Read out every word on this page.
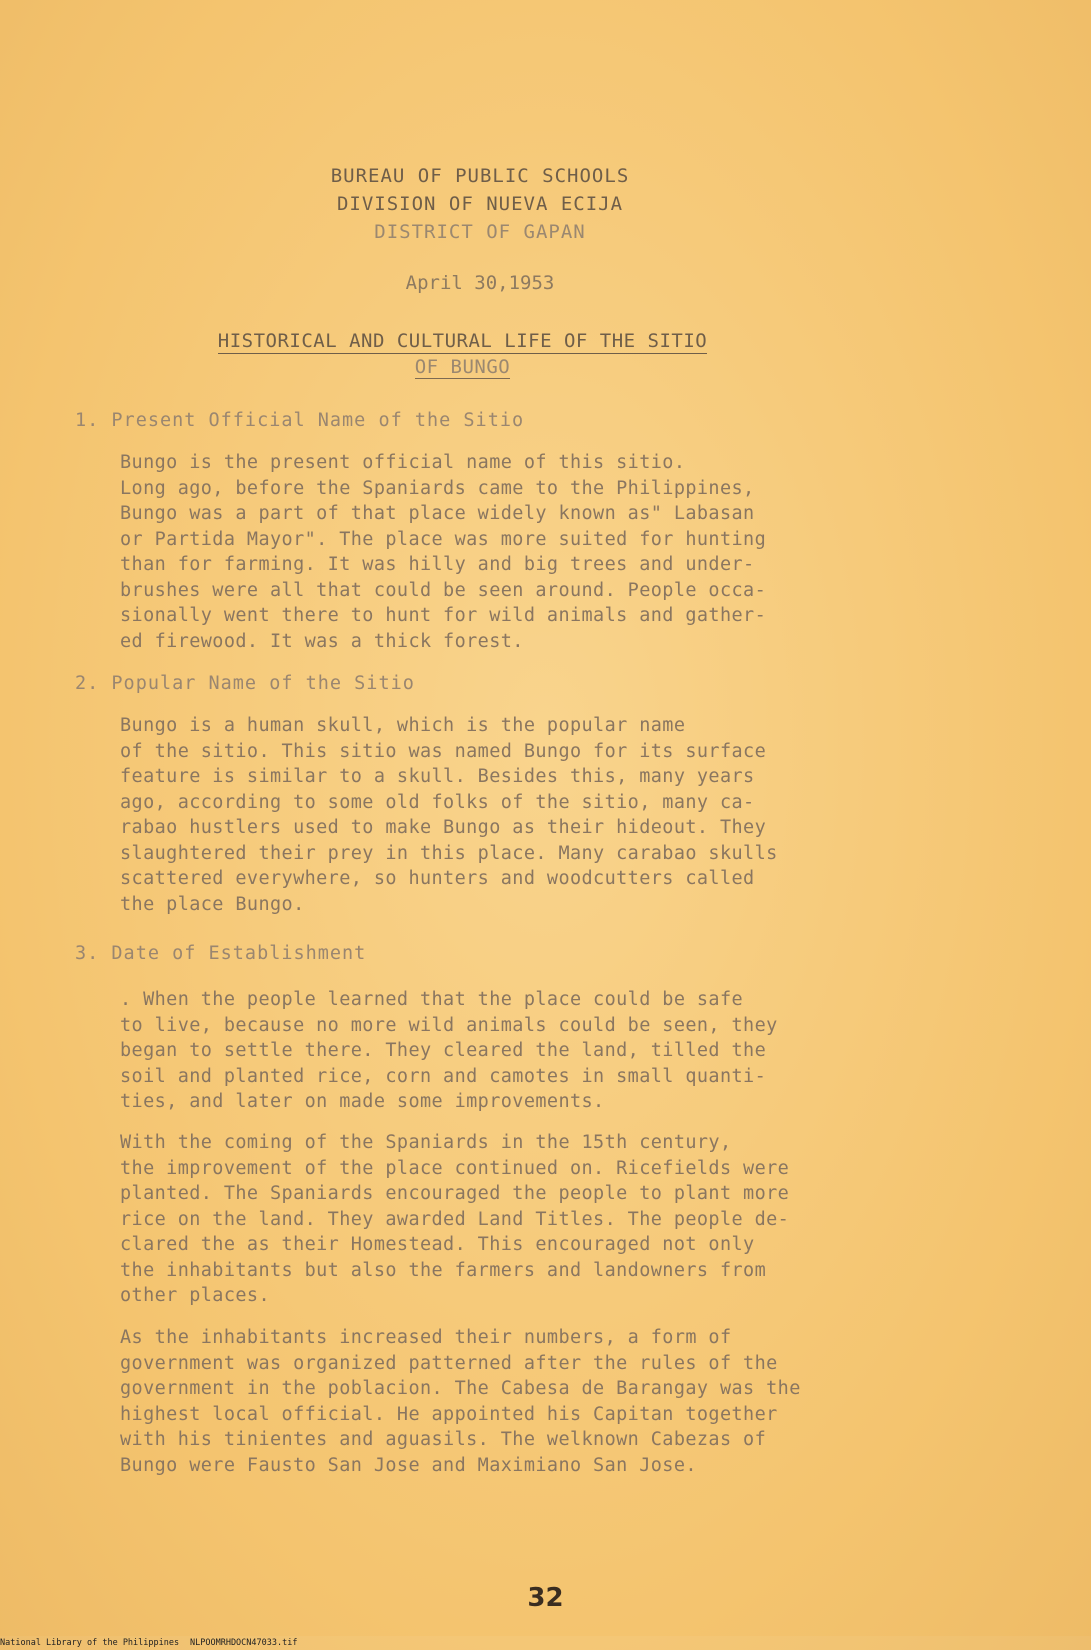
BUREAU OF PUBLIC SCHOOLS
DIVISION OF NUEVA ECIJA
DISTRICT OF GAPAN
April 30,1953
HISTORICAL AND CULTURAL LIFE OF THE SITIO
OF BUNGO
1. Present Official Name of the Sitio

Bungo is the present official name of this sitio.
Long ago, before the Spaniards came to the Philippines,
Bungo was a part of that place widely known as" Labasan
or Partida Mayor". The place was more suited for hunting
than for farming. It was hilly and big trees and under-
brushes were all that could be seen around. People occa-
sionally went there to hunt for wild animals and gather-
ed firewood. It was a thick forest.

2. Popular Name of the Sitio

Bungo is a human skull, which is the popular name
of the sitio. This sitio was named Bungo for its surface
feature is similar to a skull. Besides this, many years
ago, according to some old folks of the sitio, many ca-
rabao hustlers used to make Bungo as their hideout. They
slaughtered their prey in this place. Many carabao skulls
scattered everywhere, so hunters and woodcutters called
the place Bungo.

3. Date of Establishment

. When the people learned that the place could be safe
to live, because no more wild animals could be seen, they
began to settle there. They cleared the land, tilled the
soil and planted rice, corn and camotes in small quanti-
ties, and later on made some improvements.

With the coming of the Spaniards in the 15th century,
the improvement of the place continued on. Ricefields were
planted. The Spaniards encouraged the people to plant more
rice on the land. They awarded Land Titles. The people de-
clared the as their Homestead. This encouraged not only
the inhabitants but also the farmers and landowners from
other places.

As the inhabitants increased their numbers, a form of
government was organized patterned after the rules of the
government in the poblacion. The Cabesa de Barangay was the
highest local official. He appointed his Capitan together
with his tinientes and aguasils. The welknown Cabezas of
Bungo were Fausto San Jose and Maximiano San Jose.

32
National Library of the Philippines NLPOOMRHDOCN47033.tif
